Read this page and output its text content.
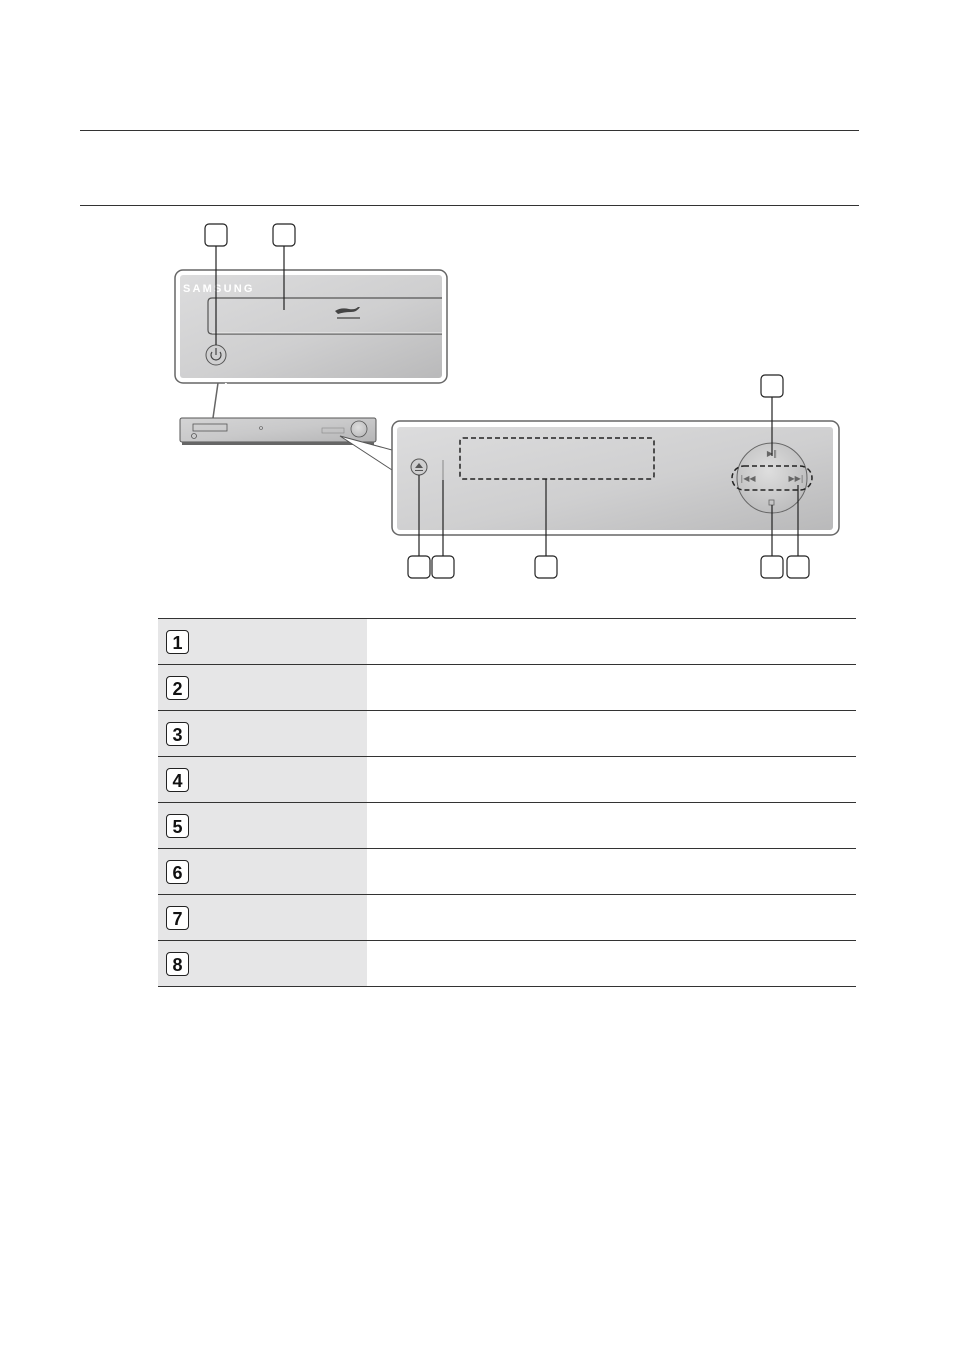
SAMSUNG
▶‖
|◀◀	▶▶|
1	
2	
3	
4	
5	
6	
7	
8	
